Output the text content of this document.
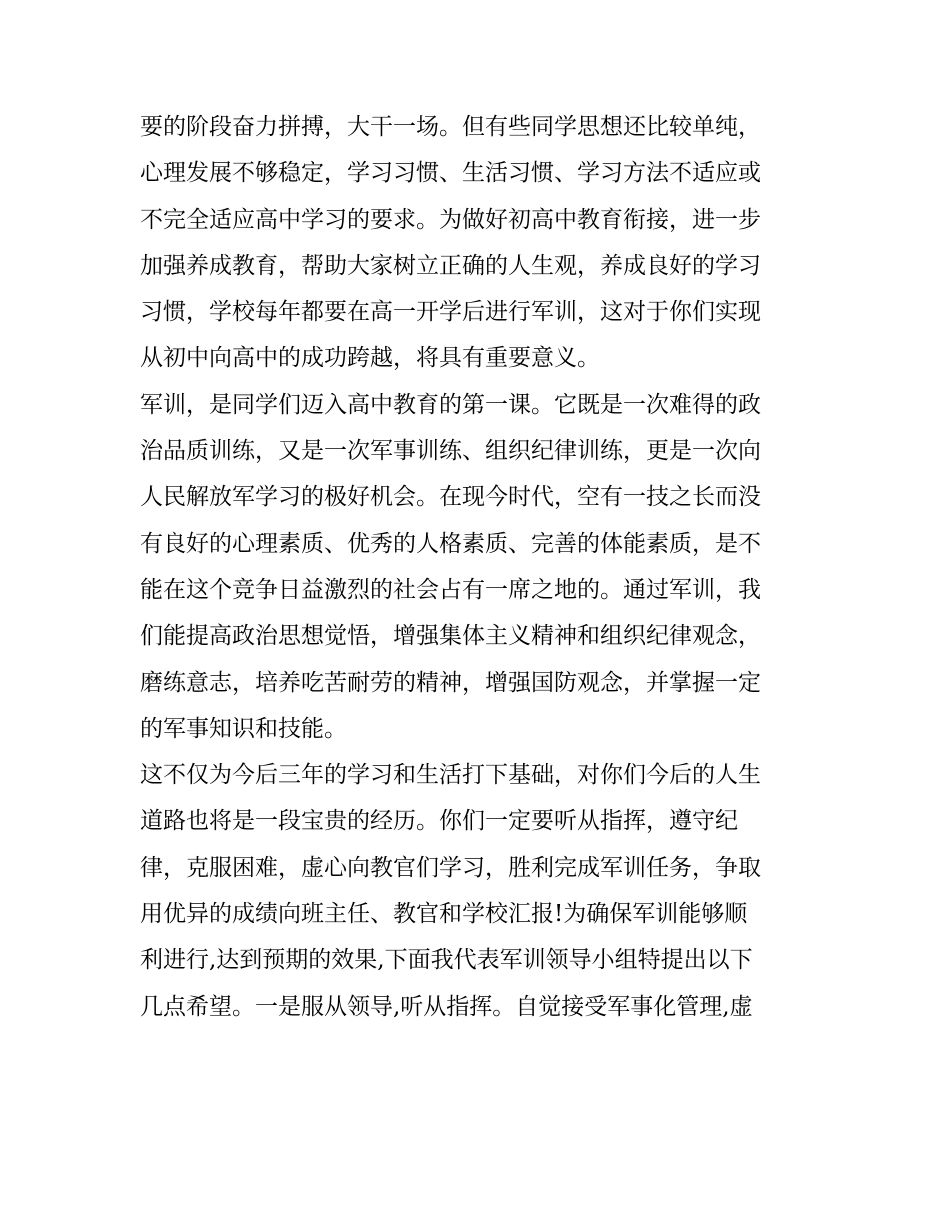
要的阶段奋力拼搏，大干一场。但有些同学思想还比较单纯，
心理发展不够稳定，学习习惯、生活习惯、学习方法不适应或
不完全适应高中学习的要求。为做好初高中教育衔接，进一步
加强养成教育，帮助大家树立正确的人生观，养成良好的学习
习惯，学校每年都要在高一开学后进行军训，这对于你们实现
从初中向高中的成功跨越，将具有重要意义。
军训，是同学们迈入高中教育的第一课。它既是一次难得的政
治品质训练，又是一次军事训练、组织纪律训练，更是一次向
人民解放军学习的极好机会。在现今时代，空有一技之长而没
有良好的心理素质、优秀的人格素质、完善的体能素质，是不
能在这个竞争日益激烈的社会占有一席之地的。通过军训，我
们能提高政治思想觉悟，增强集体主义精神和组织纪律观念，
磨练意志，培养吃苦耐劳的精神，增强国防观念，并掌握一定
的军事知识和技能。
这不仅为今后三年的学习和生活打下基础，对你们今后的人生
道路也将是一段宝贵的经历。你们一定要听从指挥，遵守纪
律，克服困难，虚心向教官们学习，胜利完成军训任务，争取
用优异的成绩向班主任、教官和学校汇报!为确保军训能够顺
利进行,达到预期的效果,下面我代表军训领导小组特提出以下
几点希望。一是服从领导,听从指挥。自觉接受军事化管理,虚
